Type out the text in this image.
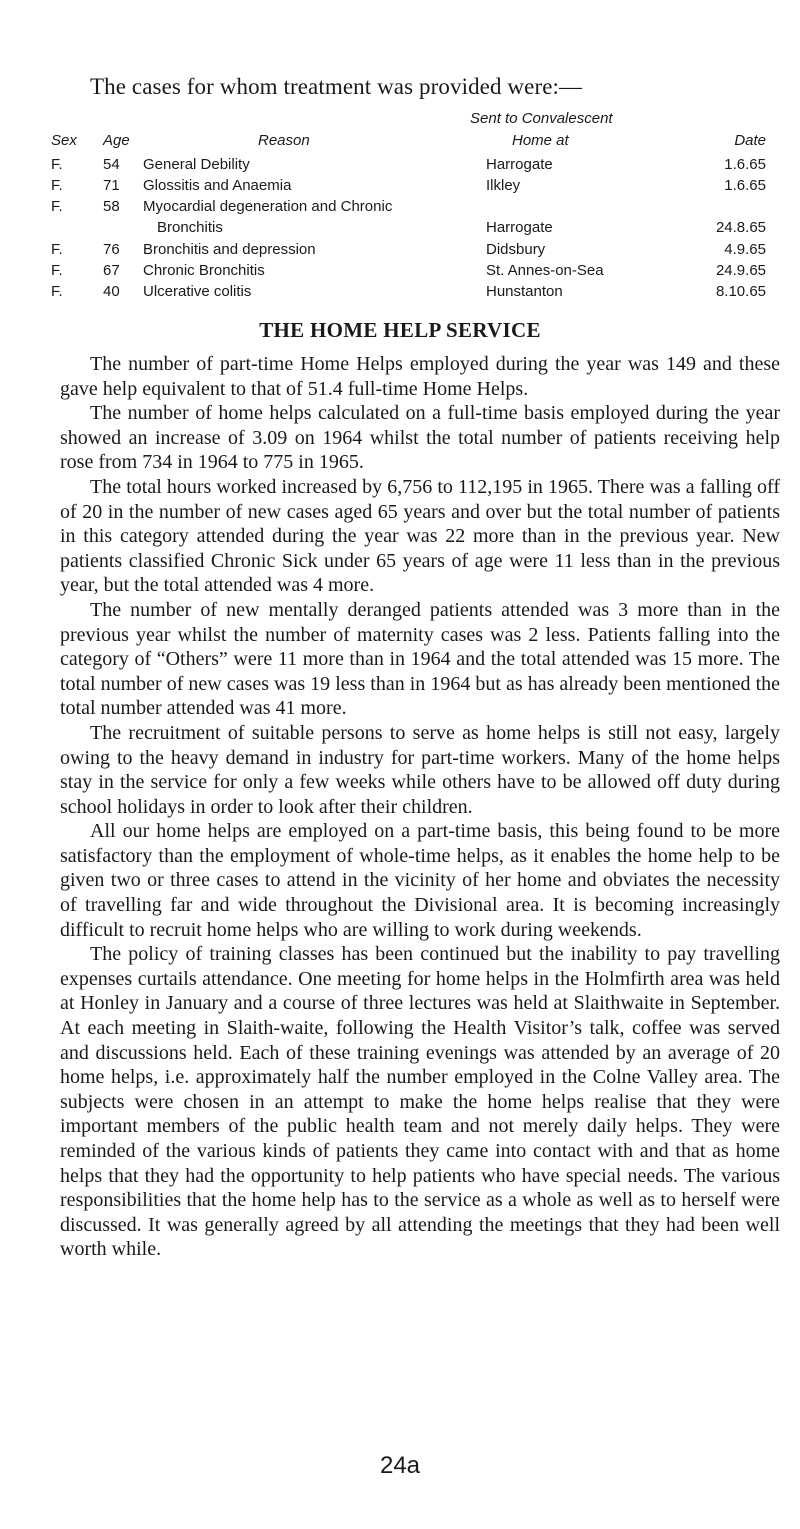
The cases for whom treatment was provided were:—
Sent to Convalescent
Sex Age	Reason	Home at	Date
F.	54 General Debility	Harrogate	1.6.65
F.	71 Glossitis and Anaemia	Ilkley	1.6.65
F.	58 Myocardial degeneration and Chronic
Bronchitis	Harrogate	24.8.65
F.	76 Bronchitis and depression	Didsbury	4.9.65
F.	67 Chronic Bronchitis	St. Annes-on-Sea	24.9.65
F.	40 Ulcerative colitis	Hunstanton	8.10.65
THE HOME HELP SERVICE

The number of part-time Home Helps employed during the year was 149 and these gave help equivalent to that of 51.4 full-time Home Helps.

The number of home helps calculated on a full-time basis employed during the year showed an increase of 3.09 on 1964 whilst the total number of patients receiving help rose from 734 in 1964 to 775 in 1965.

The total hours worked increased by 6,756 to 112,195 in 1965. There was a falling off of 20 in the number of new cases aged 65 years and over but the total number of patients in this category attended during the year was 22 more than in the previous year. New patients classified Chronic Sick under 65 years of age were 11 less than in the previous year, but the total attended was 4 more.

The number of new mentally deranged patients attended was 3 more than in the previous year whilst the number of maternity cases was 2 less. Patients falling into the category of “Others” were 11 more than in 1964 and the total attended was 15 more. The total number of new cases was 19 less than in 1964 but as has already been mentioned the total number attended was 41 more.

The recruitment of suitable persons to serve as home helps is still not easy, largely owing to the heavy demand in industry for part-time workers. Many of the home helps stay in the service for only a few weeks while others have to be allowed off duty during school holidays in order to look after their children.

All our home helps are employed on a part-time basis, this being found to be more satisfactory than the employment of whole-time helps, as it enables the home help to be given two or three cases to attend in the vicinity of her home and obviates the necessity of travelling far and wide throughout the Divisional area. It is becoming increasingly difficult to recruit home helps who are willing to work during weekends.

The policy of training classes has been continued but the inability to pay travelling expenses curtails attendance. One meeting for home helps in the Holmfirth area was held at Honley in January and a course of three lectures was held at Slaithwaite in September. At each meeting in Slaith-waite, following the Health Visitor’s talk, coffee was served and discussions held. Each of these training evenings was attended by an average of 20 home helps, i.e. approximately half the number employed in the Colne Valley area. The subjects were chosen in an attempt to make the home helps realise that they were important members of the public health team and not merely daily helps. They were reminded of the various kinds of patients they came into contact with and that as home helps that they had the opportunity to help patients who have special needs. The various responsibilities that the home help has to the service as a whole as well as to herself were discussed. It was generally agreed by all attending the meetings that they had been well worth while.

24a
